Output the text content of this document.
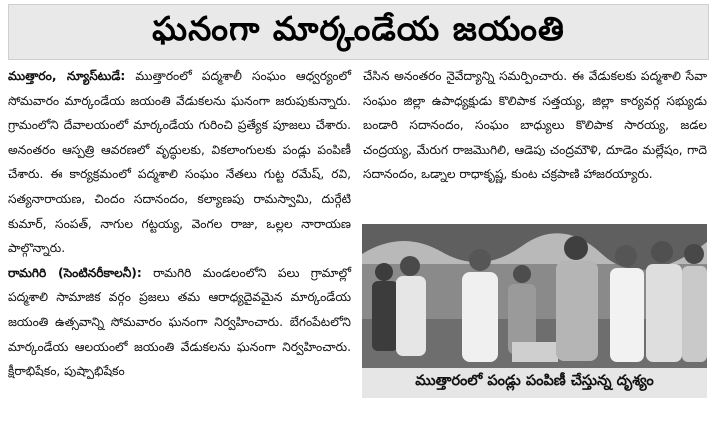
ఘనంగా మార్కండేయ జయంతి

ముత్తారం, న్యూస్‌టుడే: ముత్తారంలో పద్మశాలీ సంఘం ఆధ్వర్యంలో సోమవారం మార్కండేయ జయంతి వేడుకలను ఘనంగా జరుపుకున్నారు. గ్రామంలోని దేవాలయంలో మార్కండేయ గురించి ప్రత్యేక పూజలు చేశారు. అనంతరం ఆస్పత్రి ఆవరణలో వృద్ధులకు, వికలాంగులకు పండ్లు పంపిణీ చేశారు. ఈ కార్యక్రమంలో పద్మశాలి సంఘం నేతలు గుట్ట రమేష్, రవి, సత్యనారాయణ, చిందం సదానందం, కల్యాణపు రామస్వామి, దుర్గేటి కుమార్, సంపత్, నాగుల గట్టయ్య, వెంగల రాజు, ఒల్లల నారాయణ పాల్గొన్నారు.

రామగిరి (సెంటినరీకాలనీ): రామగిరి మండలంలోని పలు గ్రామాల్లో పద్మశాలి సామాజిక వర్గం ప్రజలు తమ ఆరాధ్యదైవమైన మార్కండేయ జయంతి ఉత్సవాన్ని సోమవారం ఘనంగా నిర్వహించారు. బేగంపేటలోని మార్కండేయ ఆలయంలో జయంతి వేడుకలను ఘనంగా నిర్వహించారు. క్షీరాభిషేకం, పుష్పాభిషేకం

చేసిన అనంతరం నైవేద్యాన్ని సమర్పించారు. ఈ వేడుకలకు పద్మశాలి సేవా సంఘం జిల్లా ఉపాధ్యక్షుడు కొలిపాక సత్తయ్య, జిల్లా కార్యవర్గ సభ్యుడు బండారి సదానందం, సంఘం బాధ్యులు కొలిపాక సారయ్య, జడల చంద్రయ్య, మేరుగ రాజమొగిలి, ఆడెపు చంద్రమౌళి, దూడెం మల్లేషం, గాదె సదానందం, ఒడ్నాల రాధాకృష్ణ, కుంట చక్రపాణి హాజరయ్యారు.

ముత్తారంలో పండ్లు పంపిణీ చేస్తున్న దృశ్యం
